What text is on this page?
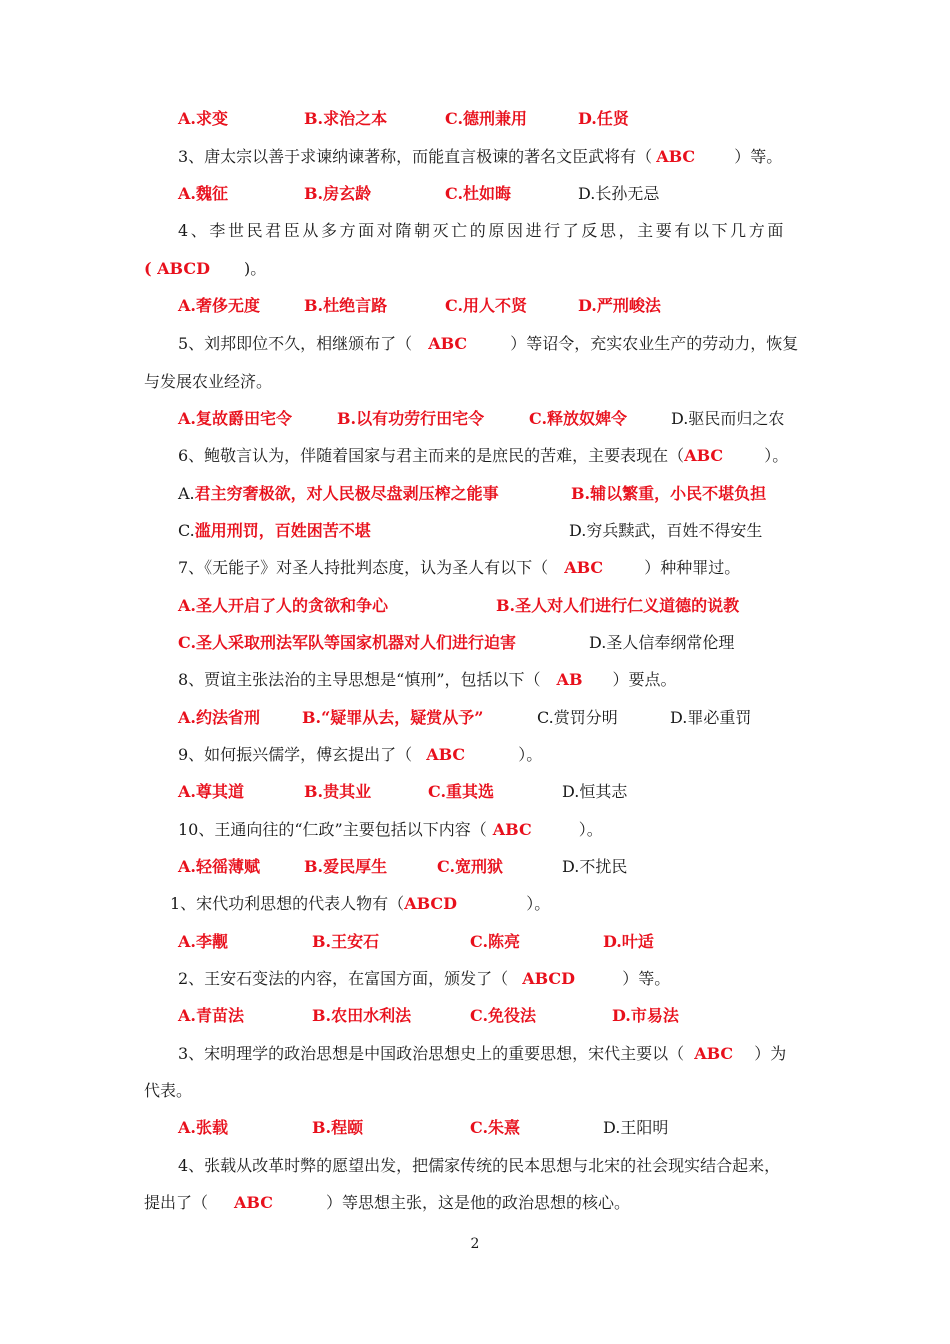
A.求变	B.求治之本	C.德刑兼用	D.任贤
3、唐太宗以善于求谏纳谏著称，而能直言极谏的著名文臣武将有（ ABC ）等。
A.魏征	B.房玄龄	C.杜如晦	D.长孙无忌
4、李世民君臣从多方面对隋朝灭亡的原因进行了反思，主要有以下几方面
( ABCD )。
A.奢侈无度	B.杜绝言路	C.用人不贤	D.严刑峻法
5、刘邦即位不久，相继颁布了（ ABC	）等诏令，充实农业生产的劳动力，恢复
与发展农业经济。
A.复故爵田宅令	B.以有功劳行田宅令	C.释放奴婢令	D.驱民而归之农
6、鲍敬言认为，伴随着国家与君主而来的是庶民的苦难，主要表现在（ABC	）。
A.君主穷奢极欲，对人民极尽盘剥压榨之能事	B.辅以繁重，小民不堪负担
C.滥用刑罚，百姓困苦不堪	D.穷兵黩武，百姓不得安生
7、《无能子》对圣人持批判态度，认为圣人有以下（ ABC	）种种罪过。
A.圣人开启了人的贪欲和争心	B.圣人对人们进行仁义道德的说教
C.圣人采取刑法军队等国家机器对人们进行迫害	D.圣人信奉纲常伦理
8、贾谊主张法治的主导思想是“慎刑”，包括以下（ AB ）要点。
A.约法省刑	B.“疑罪从去，疑赏从予”	C.赏罚分明	D.罪必重罚
9、如何振兴儒学，傅玄提出了（ ABC	）。
A.尊其道	B.贵其业	C.重其选	D.恒其志
10、王通向往的“仁政”主要包括以下内容（ ABC	）。
A.轻徭薄赋	B.爱民厚生	C.宽刑狱	D.不扰民
1、宋代功利思想的代表人物有（ABCD	）。
A.李觏	B.王安石	C.陈亮	D.叶适
2、王安石变法的内容，在富国方面，颁发了（ ABCD	）等。
A.青苗法	B.农田水利法	C.免役法	D.市易法
3、宋明理学的政治思想是中国政治思想史上的重要思想，宋代主要以（ ABC ）为
代表。
A.张载	B.程颐	C.朱熹	D.王阳明
4、张载从改革时弊的愿望出发，把儒家传统的民本思想与北宋的社会现实结合起来，
提出了（ ABC	）等思想主张，这是他的政治思想的核心。
2
